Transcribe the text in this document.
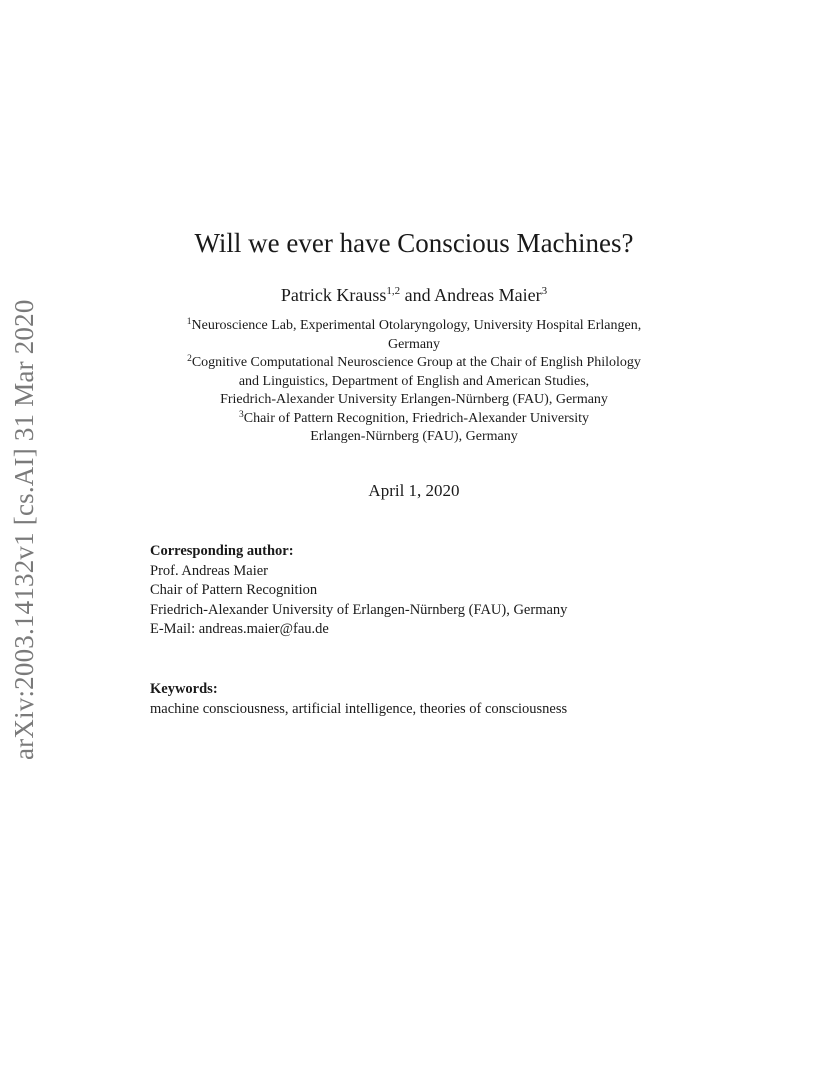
arXiv:2003.14132v1 [cs.AI] 31 Mar 2020
Will we ever have Conscious Machines?
Patrick Krauss$^{1,2}$ and Andreas Maier$^3$
$^1$Neuroscience Lab, Experimental Otolaryngology, University Hospital Erlangen,
Germany
$^2$Cognitive Computational Neuroscience Group at the Chair of English Philology
and Linguistics, Department of English and American Studies,
Friedrich-Alexander University Erlangen-Nürnberg (FAU), Germany
$^3$Chair of Pattern Recognition, Friedrich-Alexander University
Erlangen-Nürnberg (FAU), Germany
April 1, 2020
Corresponding author:
Prof. Andreas Maier
Chair of Pattern Recognition
Friedrich-Alexander University of Erlangen-Nürnberg (FAU), Germany
E-Mail: andreas.maier@fau.de
Keywords:
machine consciousness, artificial intelligence, theories of consciousness
